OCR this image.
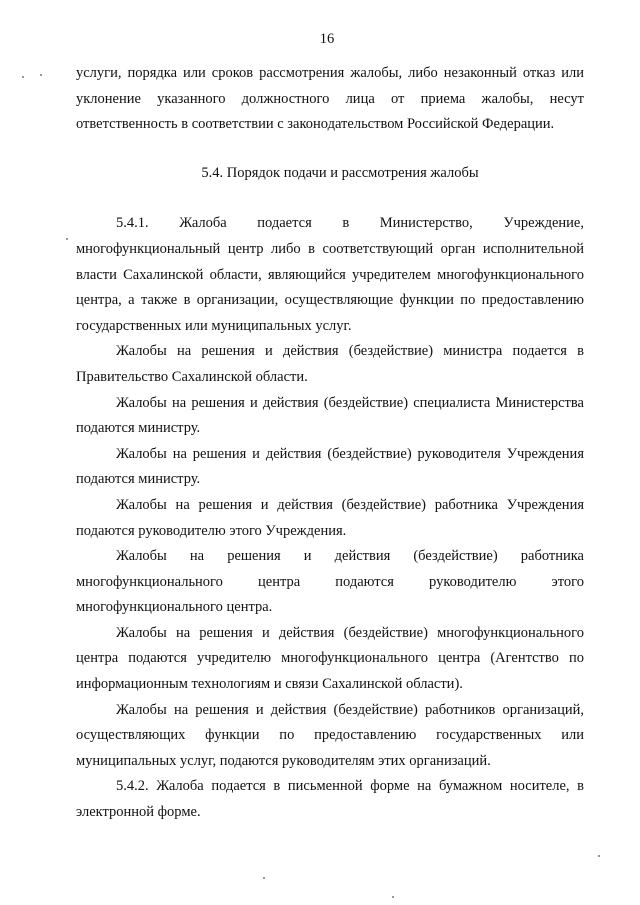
16

услуги, порядка или сроков рассмотрения жалобы, либо незаконный отказ или уклонение указанного должностного лица от приема жалобы, несут ответственность в соответствии с законодательством Российской Федерации.

5.4. Порядок подачи и рассмотрения жалобы

5.4.1. Жалоба подается в Министерство, Учреждение, многофункциональный центр либо в соответствующий орган исполнительной власти Сахалинской области, являющийся учредителем многофункционального центра, а также в организации, осуществляющие функции по предоставлению государственных или муниципальных услуг.

Жалобы на решения и действия (бездействие) министра подается в Правительство Сахалинской области.

Жалобы на решения и действия (бездействие) специалиста Министерства подаются министру.

Жалобы на решения и действия (бездействие) руководителя Учреждения подаются министру.

Жалобы на решения и действия (бездействие) работника Учреждения подаются руководителю этого Учреждения.

Жалобы на решения и действия (бездействие) работника многофункционального центра подаются руководителю этого многофункционального центра.

Жалобы на решения и действия (бездействие) многофункционального центра подаются учредителю многофункционального центра (Агентство по информационным технологиям и связи Сахалинской области).

Жалобы на решения и действия (бездействие) работников организаций, осуществляющих функции по предоставлению государственных или муниципальных услуг, подаются руководителям этих организаций.

5.4.2. Жалоба подается в письменной форме на бумажном носителе, в электронной форме.
